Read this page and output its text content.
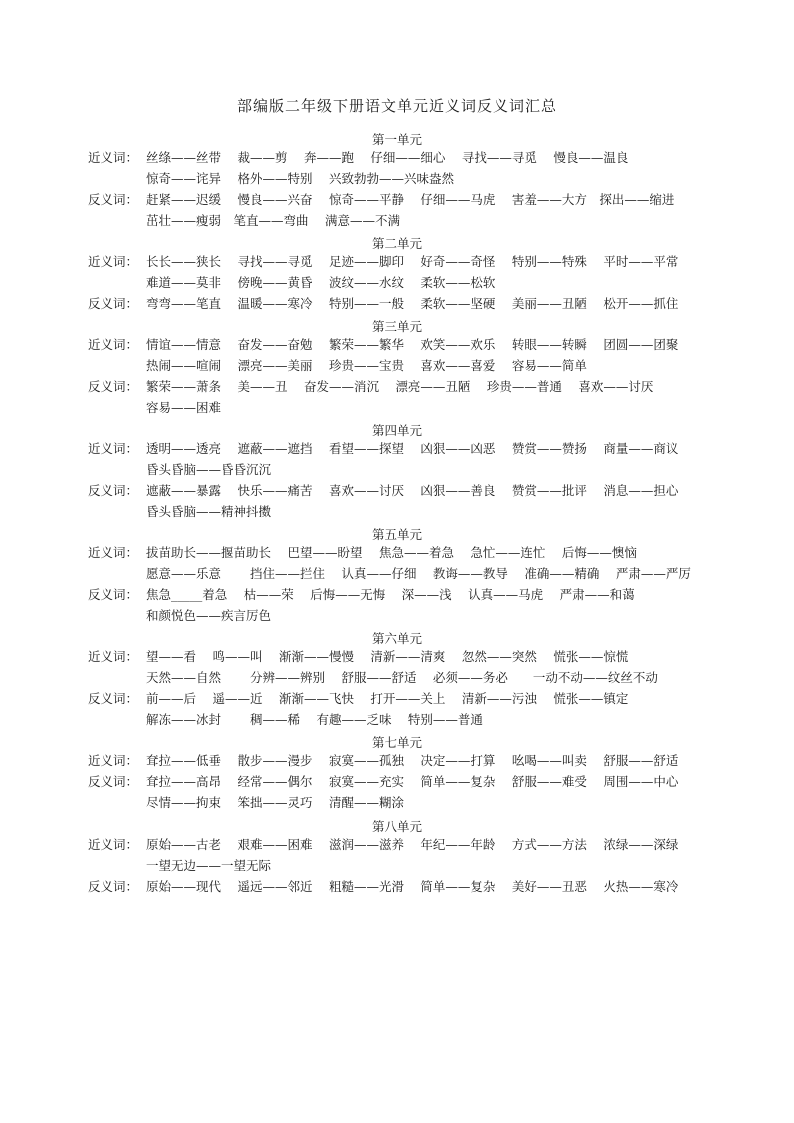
部编版二年级下册语文单元近义词反义词汇总
第一单元
近义词： 丝绦——丝带　 裁——剪　 奔——跑　 仔细——细心　 寻找——寻觅　 慢良——温良
惊奇——诧异　 格外——特别　 兴致勃勃——兴味盎然
反义词： 赶紧——迟缓　 慢良——兴奋　 惊奇——平静　 仔细——马虎　 害羞——大方　探出——缩进
茁壮——瘦弱　笔直——弯曲　 满意——不满
第二单元
近义词： 长长——狭长　 寻找——寻觅　 足迹——脚印　 好奇——奇怪　 特别——特殊　 平时——平常
难道——莫非　 傍晚——黄昏　 波纹——水纹　 柔软——松软
反义词： 弯弯——笔直　 温暖——寒冷　 特别——一般　 柔软——坚硬　 美丽——丑陋　 松开——抓住
第三单元
近义词： 情谊——情意　 奋发——奋勉　 繁荣——繁华　 欢笑——欢乐　 转眼——转瞬　 团圆——团聚
热闹——喧闹　 漂亮——美丽　 珍贵——宝贵　 喜欢——喜爱　 容易——简单
反义词： 繁荣——萧条　 美——丑　 奋发——消沉　 漂亮——丑陋　 珍贵——普通　 喜欢——讨厌
容易——困难
第四单元
近义词： 透明——透亮　 遮蔽——遮挡　 看望——探望　 凶狠——凶恶　 赞赏——赞扬　 商量——商议
昏头昏脑——昏昏沉沉
反义词： 遮蔽——暴露　 快乐——痛苦　 喜欢——讨厌　 凶狠——善良　 赞赏——批评　 消息——担心
昏头昏脑——精神抖擞
第五单元
近义词： 拔苗助长——揠苗助长　 巴望——盼望　 焦急——着急　 急忙——连忙　 后悔——懊恼
愿意——乐意　　 挡住——拦住　 认真——仔细　 教诲——教导　 准确——精确　 严肃——严厉
反义词： 焦急_____着急　 枯——荣　 后悔——无悔　 深——浅　 认真——马虎　 严肃——和蔼
和颜悦色——疾言厉色
第六单元
近义词： 望——看　 鸣——叫　 渐渐——慢慢　 清新——清爽　 忽然——突然　 慌张——惊慌
天然——自然　　 分辨——辨别　 舒服——舒适　 必须——务必　　一动不动——纹丝不动
反义词： 前——后　 遥——近　 渐渐——飞快　 打开——关上　 清新——污浊　 慌张——镇定
解冻——冰封　　 稠——稀　 有趣——乏味　 特别——普通
第七单元
近义词： 耷拉——低垂　 散步——漫步　 寂寞——孤独　 决定——打算　 吆喝——叫卖　 舒服——舒适
反义词： 耷拉——高昂　 经常——偶尔　 寂寞——充实　 简单——复杂　 舒服——难受　 周围——中心
尽情——拘束　 笨拙——灵巧　 清醒——糊涂
第八单元
近义词： 原始——古老　 艰难——困难　 滋润——滋养　 年纪——年龄　 方式——方法　 浓绿——深绿
一望无边——一望无际
反义词： 原始——现代　 遥远——邻近　 粗糙——光滑　 简单——复杂　 美好——丑恶　 火热——寒冷
